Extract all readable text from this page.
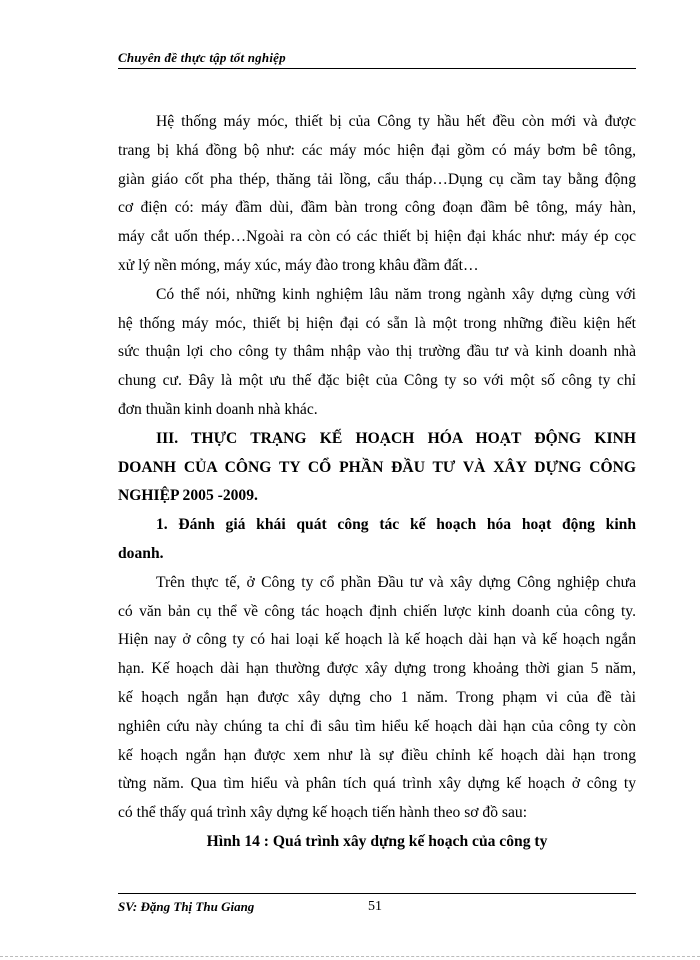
Chuyên đề thực tập tốt nghiệp
Hệ thống máy móc, thiết bị của Công ty hầu hết đều còn mới và được
trang bị khá đồng bộ như: các máy móc hiện đại gồm có máy bơm bê tông,
giàn giáo cốt pha thép, thăng tải lồng, cẩu tháp…Dụng cụ cầm tay bằng động
cơ điện có: máy đầm dùi, đầm bàn trong công đoạn đầm bê tông, máy hàn,
máy cắt uốn thép…Ngoài ra còn có các thiết bị hiện đại khác như: máy ép cọc
xử lý nền móng, máy xúc, máy đào trong khâu đầm đất…
Có thể nói, những kinh nghiệm lâu năm trong ngành xây dựng cùng với
hệ thống máy móc, thiết bị hiện đại có sẵn là một trong những điều kiện hết
sức thuận lợi cho công ty thâm nhập vào thị trường đầu tư và kinh doanh nhà
chung cư. Đây là một ưu thế đặc biệt của Công ty so với một số công ty chỉ
đơn thuần kinh doanh nhà khác.
III. THỰC TRẠNG KẾ HOẠCH HÓA HOẠT ĐỘNG KINH
DOANH CỦA CÔNG TY CỔ PHẦN ĐẦU TƯ VÀ XÂY DỰNG CÔNG
NGHIỆP 2005 -2009.
1. Đánh giá khái quát công tác kế hoạch hóa hoạt động kinh
doanh.
Trên thực tế, ở Công ty cổ phần Đầu tư và xây dựng Công nghiệp chưa
có văn bản cụ thể về công tác hoạch định chiến lược kinh doanh của công ty.
Hiện nay ở công ty có hai loại kế hoạch là kế hoạch dài hạn và kế hoạch ngắn
hạn. Kế hoạch dài hạn thường được xây dựng trong khoảng thời gian 5 năm,
kế hoạch ngắn hạn được xây dựng cho 1 năm. Trong phạm vi của đề tài
nghiên cứu này chúng ta chỉ đi sâu tìm hiểu kế hoạch dài hạn của công ty còn
kế hoạch ngắn hạn được xem như là sự điều chỉnh kế hoạch dài hạn trong
từng năm. Qua tìm hiểu và phân tích quá trình xây dựng kế hoạch ở công ty
có thể thấy quá trình xây dựng kế hoạch tiến hành theo sơ đồ sau:
Hình 14 : Quá trình xây dựng kế hoạch của công ty
SV: Đặng Thị Thu Giang	51
